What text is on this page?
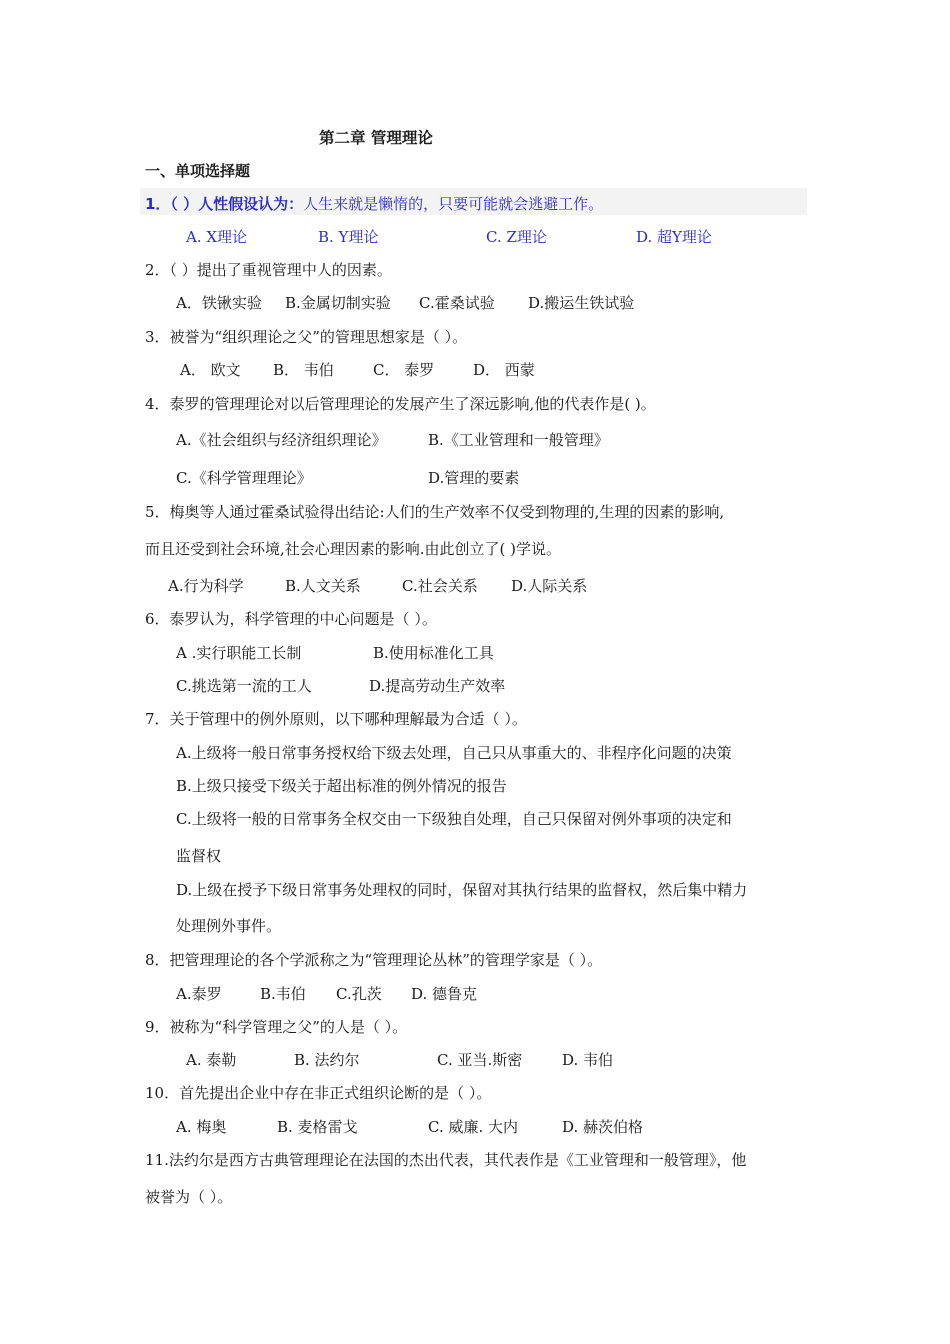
第二章 管理理论
一、单项选择题
1．（ ）人性假设认为：人生来就是懒惰的，只要可能就会逃避工作。
A. X理论	B. Y理论	C. Z理论	D. 超Y理论
2．（ ）提出了重视管理中人的因素。
A．铁锹实验 B.金属切制实验 C.霍桑试验 D.搬运生铁试验
3．被誉为“组织理论之父”的管理思想家是（ ）。
A． 欧文 B． 韦伯	C． 泰罗	D． 西蒙
4．泰罗的管理理论对以后管理理论的发展产生了深远影响,他的代表作是( )。
A.《社会组织与经济组织理论》	B.《工业管理和一般管理》
C.《科学管理理论》	D.管理的要素
5．梅奥等人通过霍桑试验得出结论:人们的生产效率不仅受到物理的,生理的因素的影响,
而且还受到社会环境,社会心理因素的影响.由此创立了( )学说。
A.行为科学	B.人文关系	C.社会关系 D.人际关系
6．泰罗认为，科学管理的中心问题是（ ）。
A .实行职能工长制	B.使用标准化工具
C.挑选第一流的工人	D.提高劳动生产效率
7．关于管理中的例外原则，以下哪种理解最为合适（ ）。
A.上级将一般日常事务授权给下级去处理，自己只从事重大的、非程序化问题的决策
B.上级只接受下级关于超出标准的例外情况的报告
C.上级将一般的日常事务全权交由一下级独自处理，自己只保留对例外事项的决定和
监督权
D.上级在授予下级日常事务处理权的同时，保留对其执行结果的监督权，然后集中精力
处理例外事件。
8．把管理理论的各个学派称之为“管理理论丛林”的管理学家是（ ）。
A.泰罗	B.韦伯 C.孔茨 D. 德鲁克
9．被称为“科学管理之父”的人是（ ）。
A. 泰勒	B. 法约尔	C. 亚当.斯密	D. 韦伯
10．首先提出企业中存在非正式组织论断的是（ ）。
A. 梅奥	B. 麦格雷戈	C. 威廉. 大内	D. 赫茨伯格
11.法约尔是西方古典管理理论在法国的杰出代表，其代表作是《工业管理和一般管理》，他
被誉为（ ）。
